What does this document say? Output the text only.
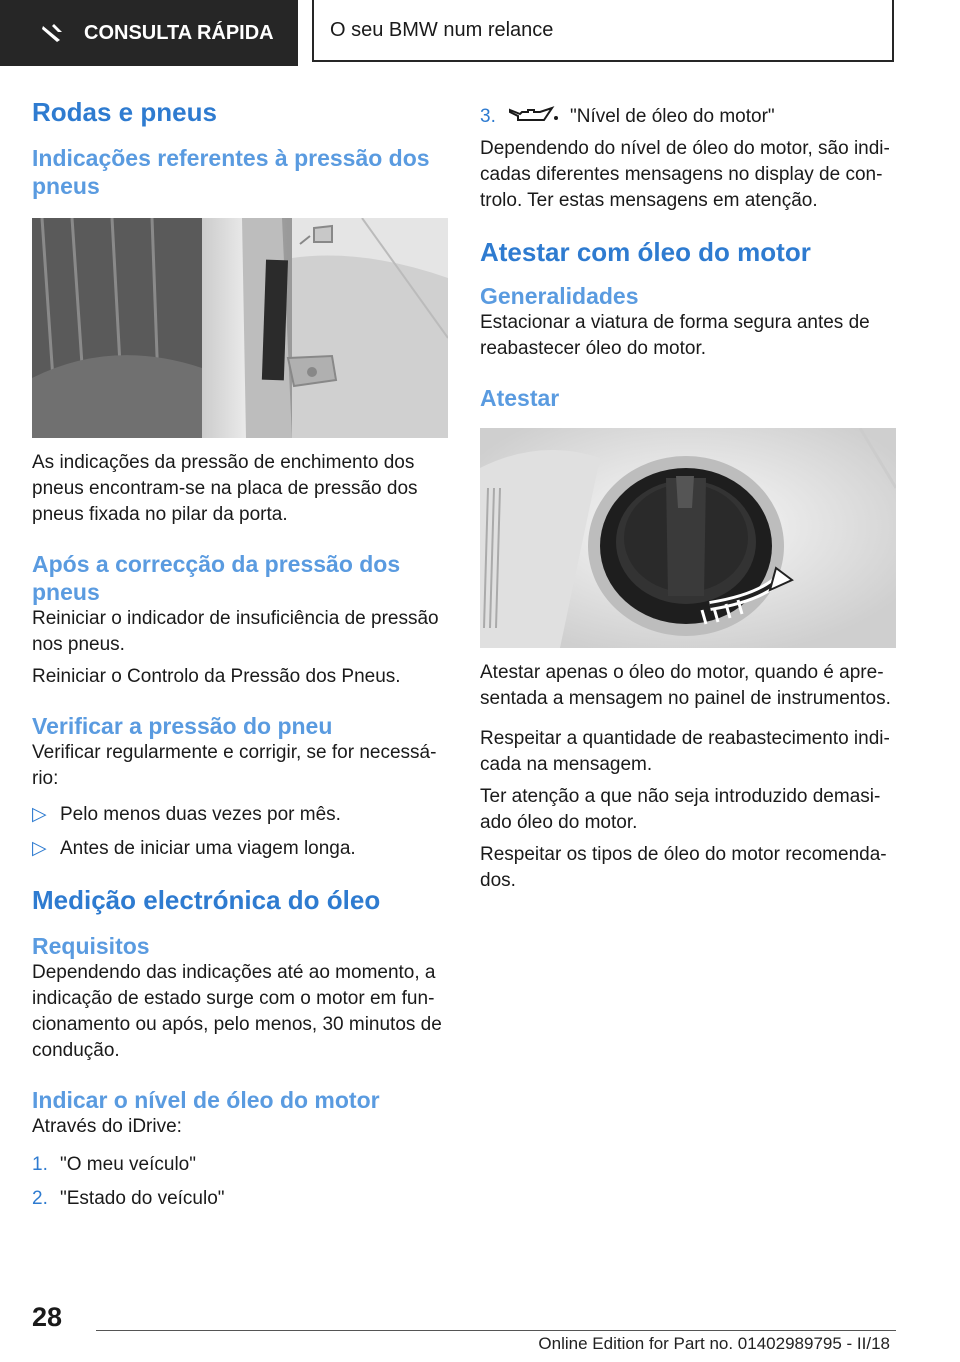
CONSULTA RÁPIDA	O seu BMW num relance
Rodas e pneus
Indicações referentes à pressão dos pneus

As indicações da pressão de enchimento dos pneus encontram-se na placa de pressão dos pneus fixada no pilar da porta.

Após a correcção da pressão dos pneus

Reiniciar o indicador de insuficiência de pressão nos pneus.

Reiniciar o Controlo da Pressão dos Pneus.

Verificar a pressão do pneu

Verificar regularmente e corrigir, se for necessário:

▷ Pelo menos duas vezes por mês.
▷ Antes de iniciar uma viagem longa.
Medição electrónica do óleo
Requisitos

Dependendo das indicações até ao momento, a indicação de estado surge com o motor em funcionamento ou após, pelo menos, 30 minutos de condução.

Indicar o nível de óleo do motor

Através do iDrive:

1. "O meu veículo"
2. "Estado do veículo"
3.	"Nível de óleo do motor"

Dependendo do nível de óleo do motor, são indicadas diferentes mensagens no display de controlo. Ter estas mensagens em atenção.

Atestar com óleo do motor
Generalidades

Estacionar a viatura de forma segura antes de reabastecer óleo do motor.

Atestar

Atestar apenas o óleo do motor, quando é apresentada a mensagem no painel de instrumentos.

Respeitar a quantidade de reabastecimento indicada na mensagem.

Ter atenção a que não seja introduzido demasiado óleo do motor.

Respeitar os tipos de óleo do motor recomendados.

28
Online Edition for Part no. 01402989795 - II/18
